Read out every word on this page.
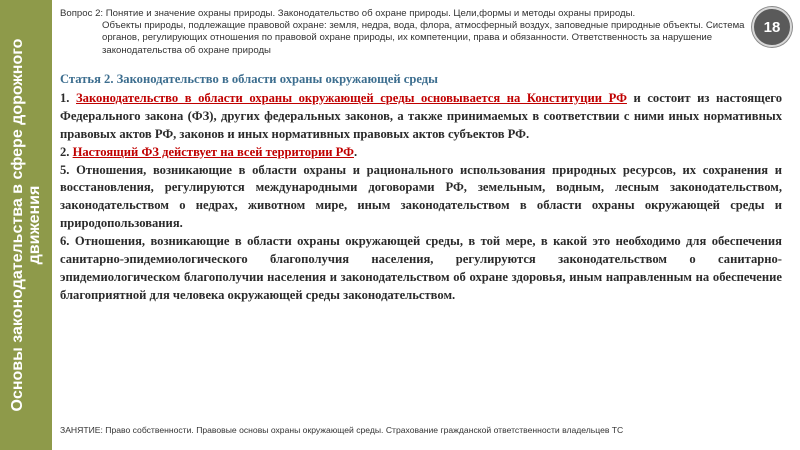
Основы законодательства в сфере дорожного движения
Вопрос 2: Понятие и значение охраны природы. Законодательство об охране природы. Цели,формы и методы охраны природы.
Объекты природы, подлежащие правовой охране: земля, недра, вода, флора, атмосферный воздух, заповедные природные объекты. Система органов, регулирующих отношения по правовой охране природы, их компетенции, права и обязанности. Ответственность за нарушение законодательства об охране природы
18
Статья 2. Законодательство в области охраны окружающей среды

1. Законодательство в области охраны окружающей среды основывается на Конституции РФ и состоит из настоящего Федерального закона (ФЗ), других федеральных законов, а также принимаемых в соответствии с ними иных нормативных правовых актов РФ, законов и иных нормативных правовых актов субъектов РФ.

2. Настоящий ФЗ действует на всей территории РФ.

5. Отношения, возникающие в области охраны и рационального использования природных ресурсов, их сохранения и восстановления, регулируются международными договорами РФ, земельным, водным, лесным законодательством, законодательством о недрах, животном мире, иным законодательством в области охраны окружающей среды и природопользования.

6. Отношения, возникающие в области охраны окружающей среды, в той мере, в какой это необходимо для обеспечения санитарно-эпидемиологического благополучия населения, регулируются законодательством о санитарно-эпидемиологическом благополучии населения и законодательством об охране здоровья, иным направленным на обеспечение благоприятной для человека окружающей среды законодательством.

ЗАНЯТИЕ: Право собственности. Правовые основы охраны окружающей среды. Страхование гражданской ответственности владельцев ТС
